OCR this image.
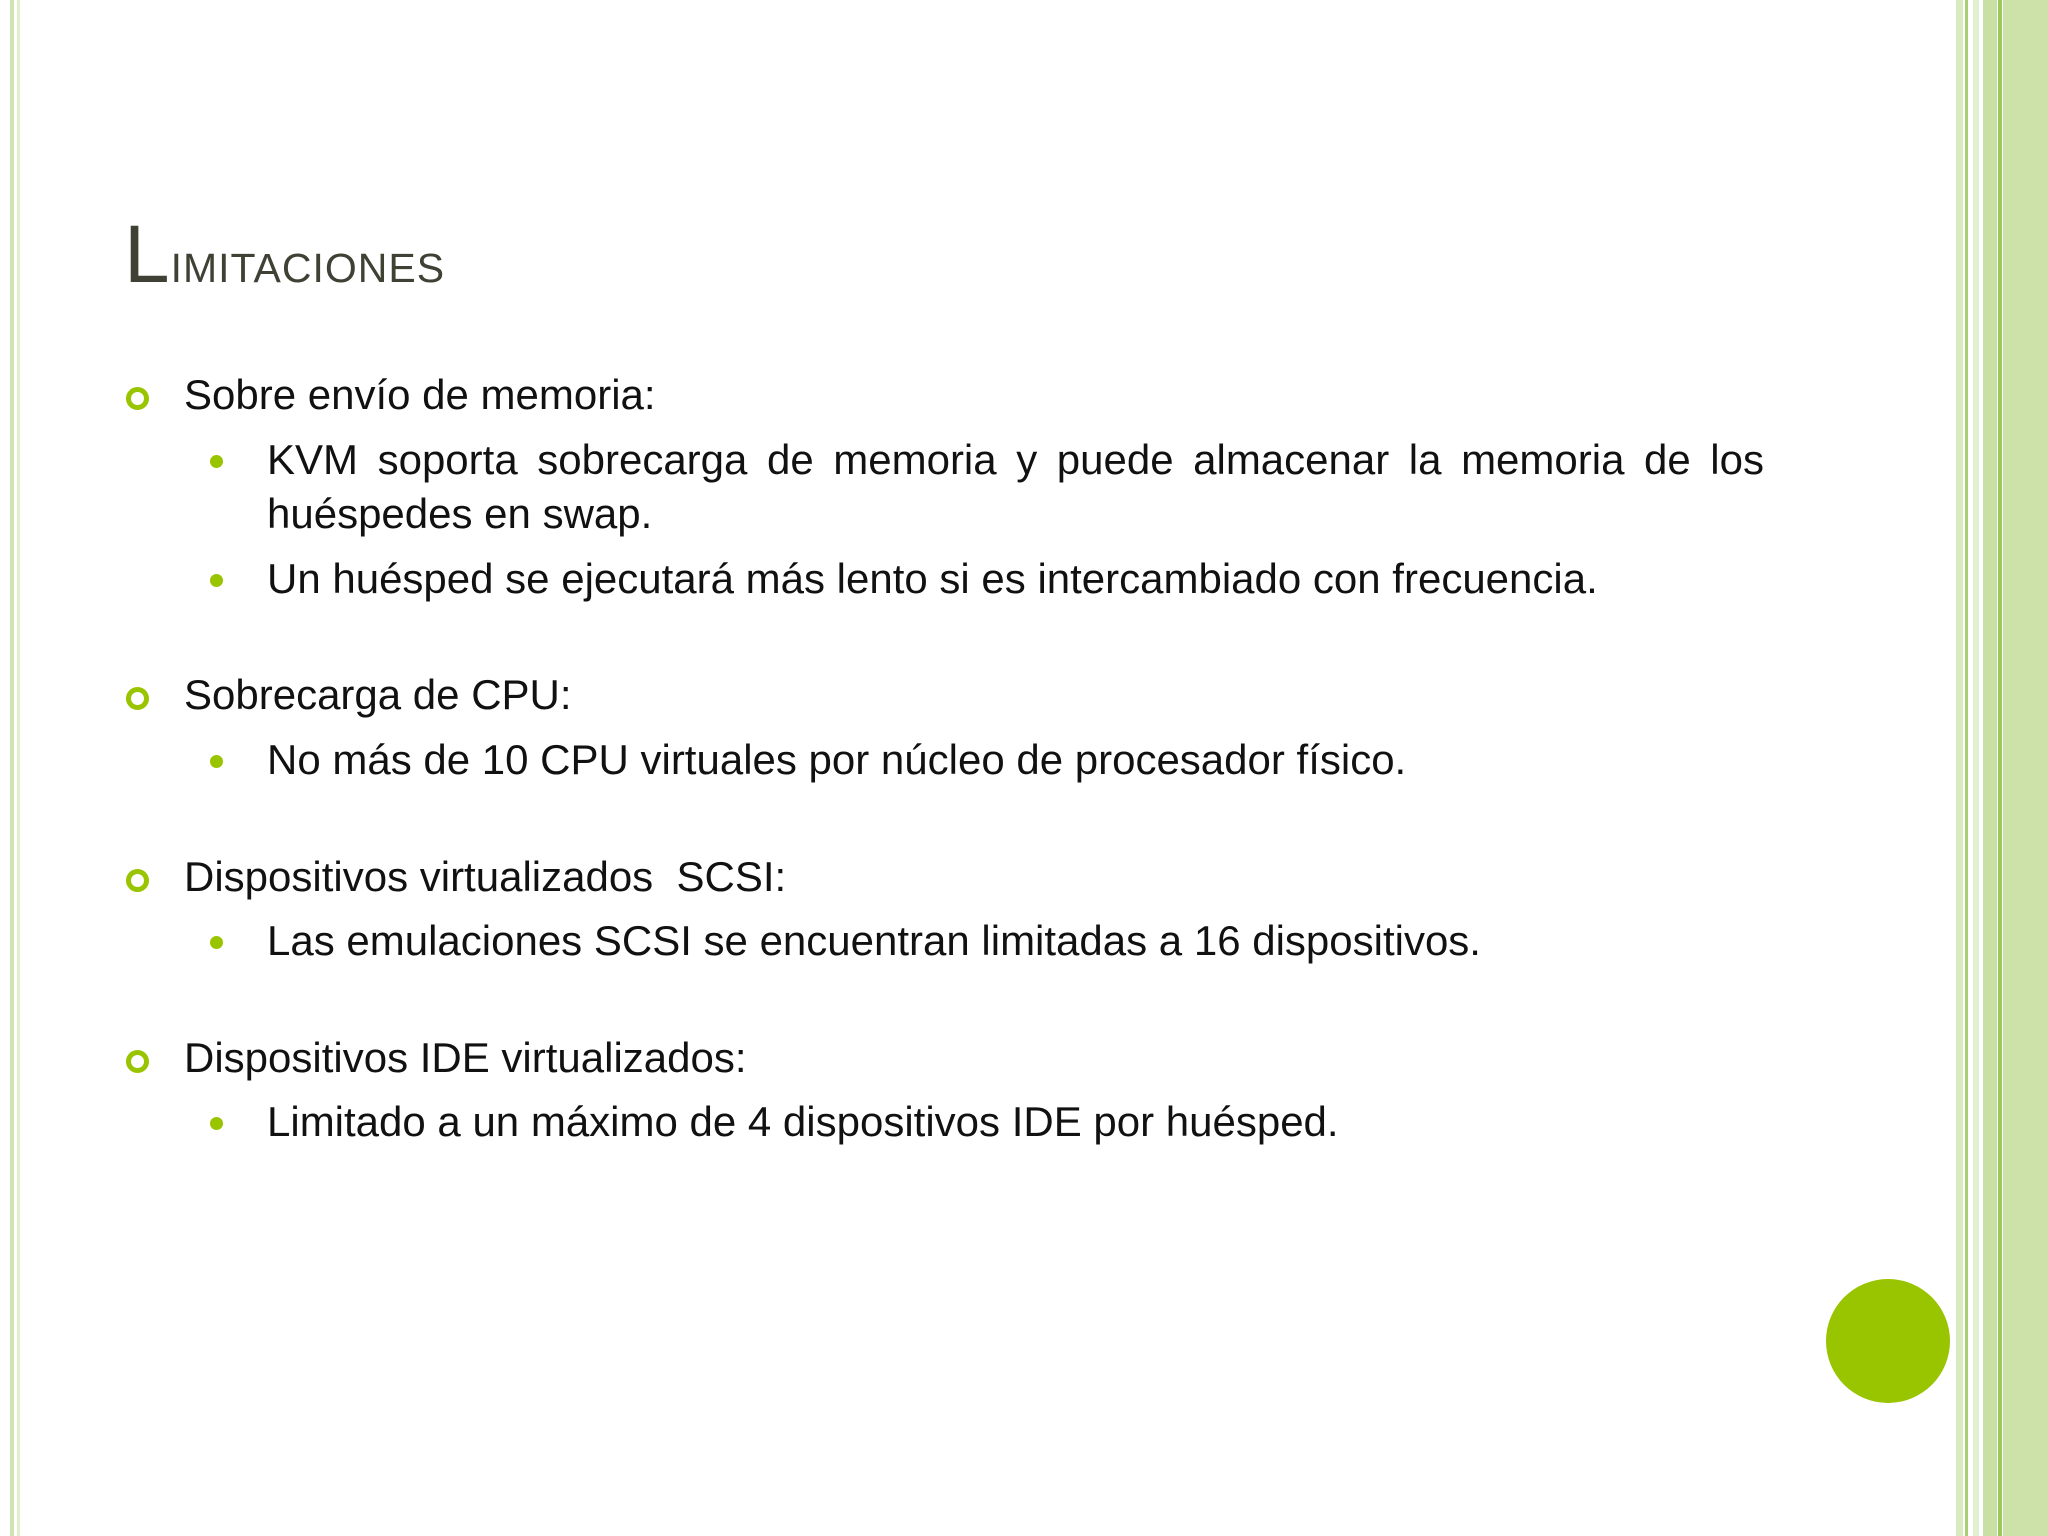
Limitaciones

Sobre envío de memoria:

KVM soporta sobrecarga de memoria y puede almacenar la memoria de los huéspedes en swap.

Un huésped se ejecutará más lento si es intercambiado con frecuencia.

Sobrecarga de CPU:

No más de 10 CPU virtuales por núcleo de procesador físico.

Dispositivos virtualizados  SCSI:

Las emulaciones SCSI se encuentran limitadas a 16 dispositivos.

Dispositivos IDE virtualizados:

Limitado a un máximo de 4 dispositivos IDE por huésped.
